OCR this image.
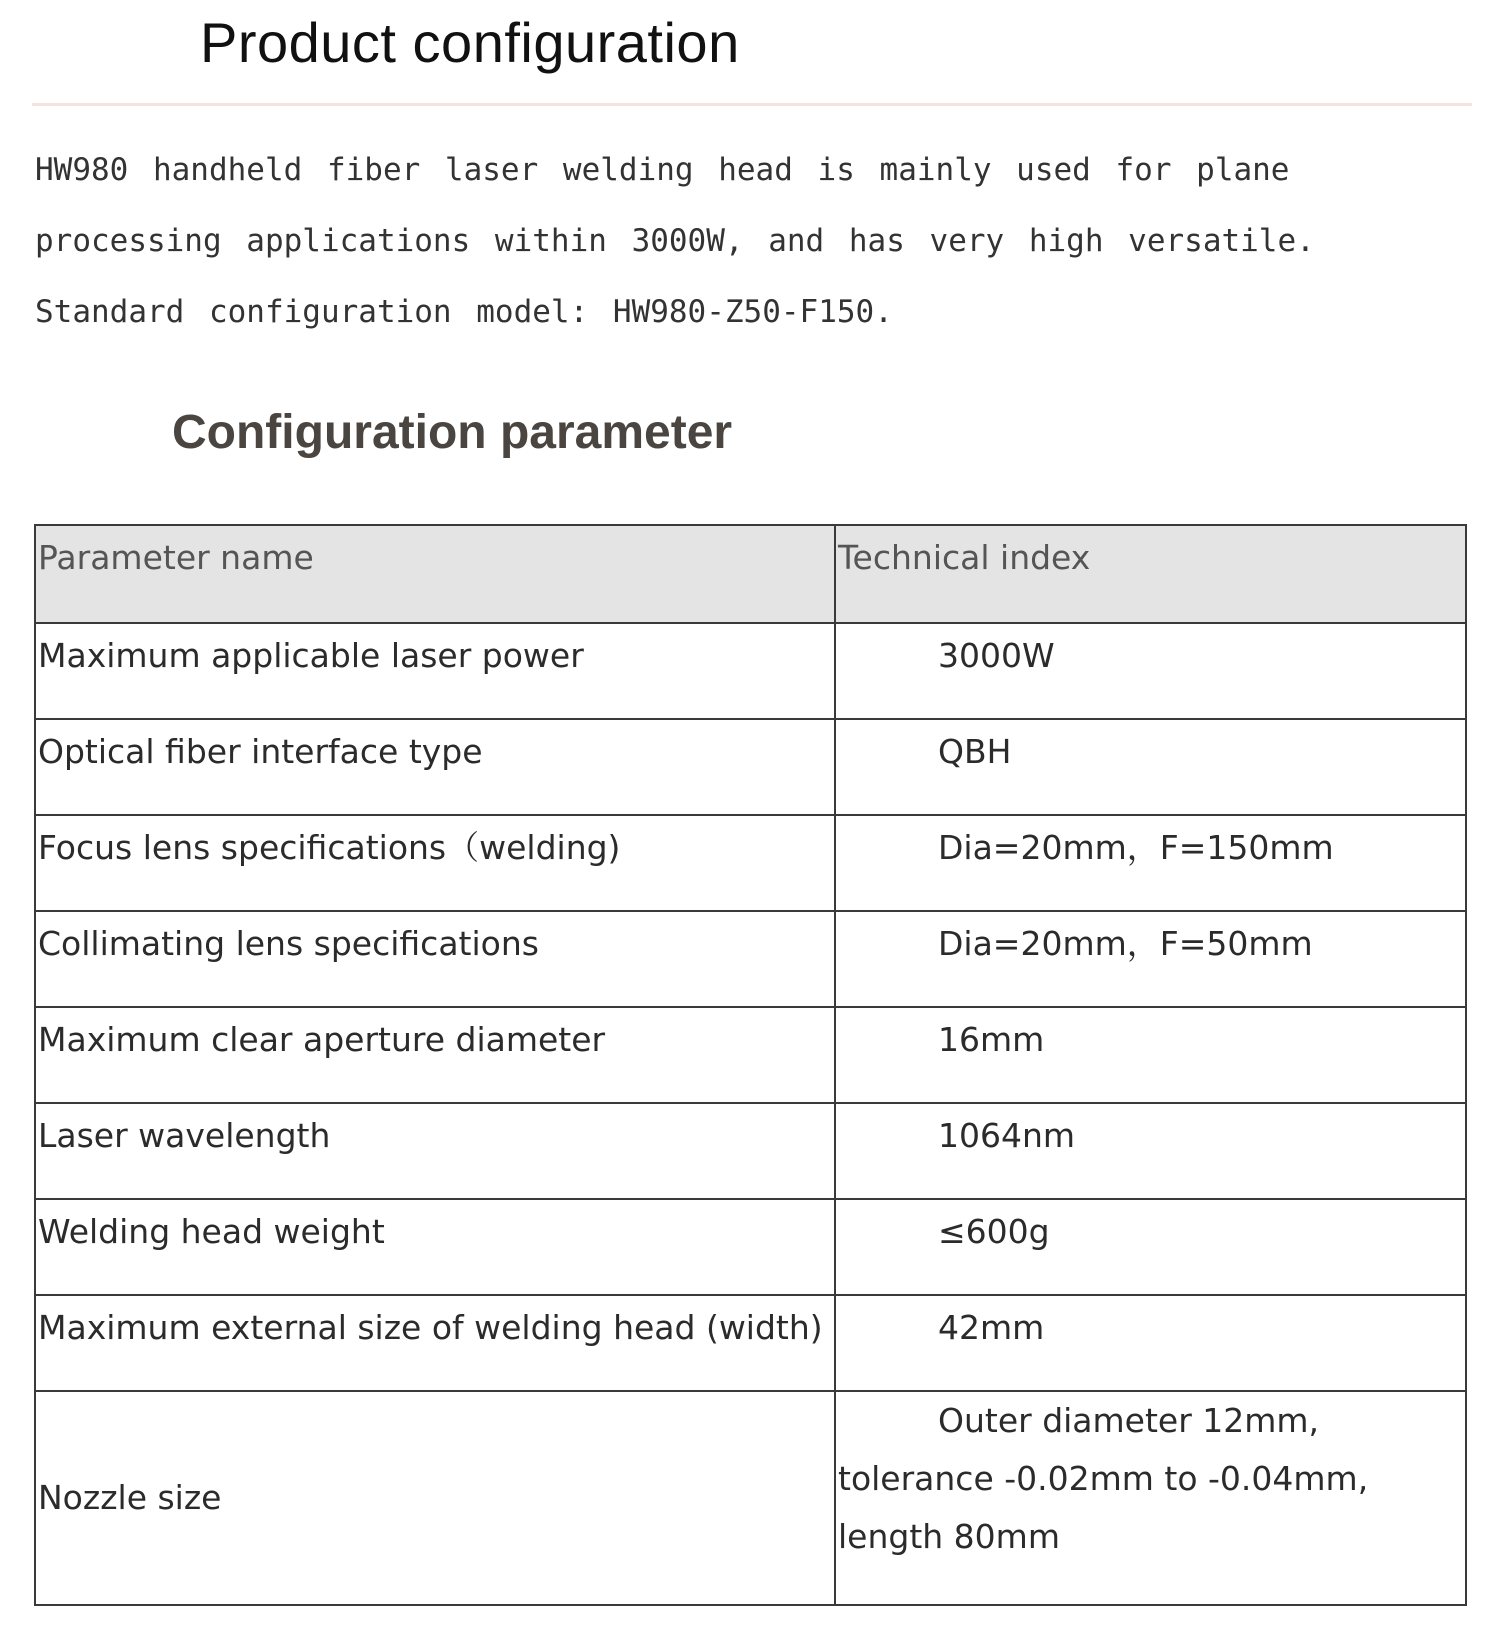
Product configuration

HW980 handheld fiber laser welding head is mainly used for plane processing applications within 3000W, and has very high versatile. Standard configuration model: HW980-Z50-F150.

Configuration parameter
Parameter name	Technical index
Maximum applicable laser power	3000W
Optical fiber interface type	QBH
Focus lens specifications（welding)	Dia=20mm，F=150mm
Collimating lens specifications	Dia=20mm，F=50mm
Maximum clear aperture diameter	16mm
Laser wavelength	1064nm
Welding head weight	≤600g
Maximum external size of welding head (width)	42mm
Nozzle size	Outer diameter 12mm, tolerance -0.02mm to -0.04mm, length 80mm
